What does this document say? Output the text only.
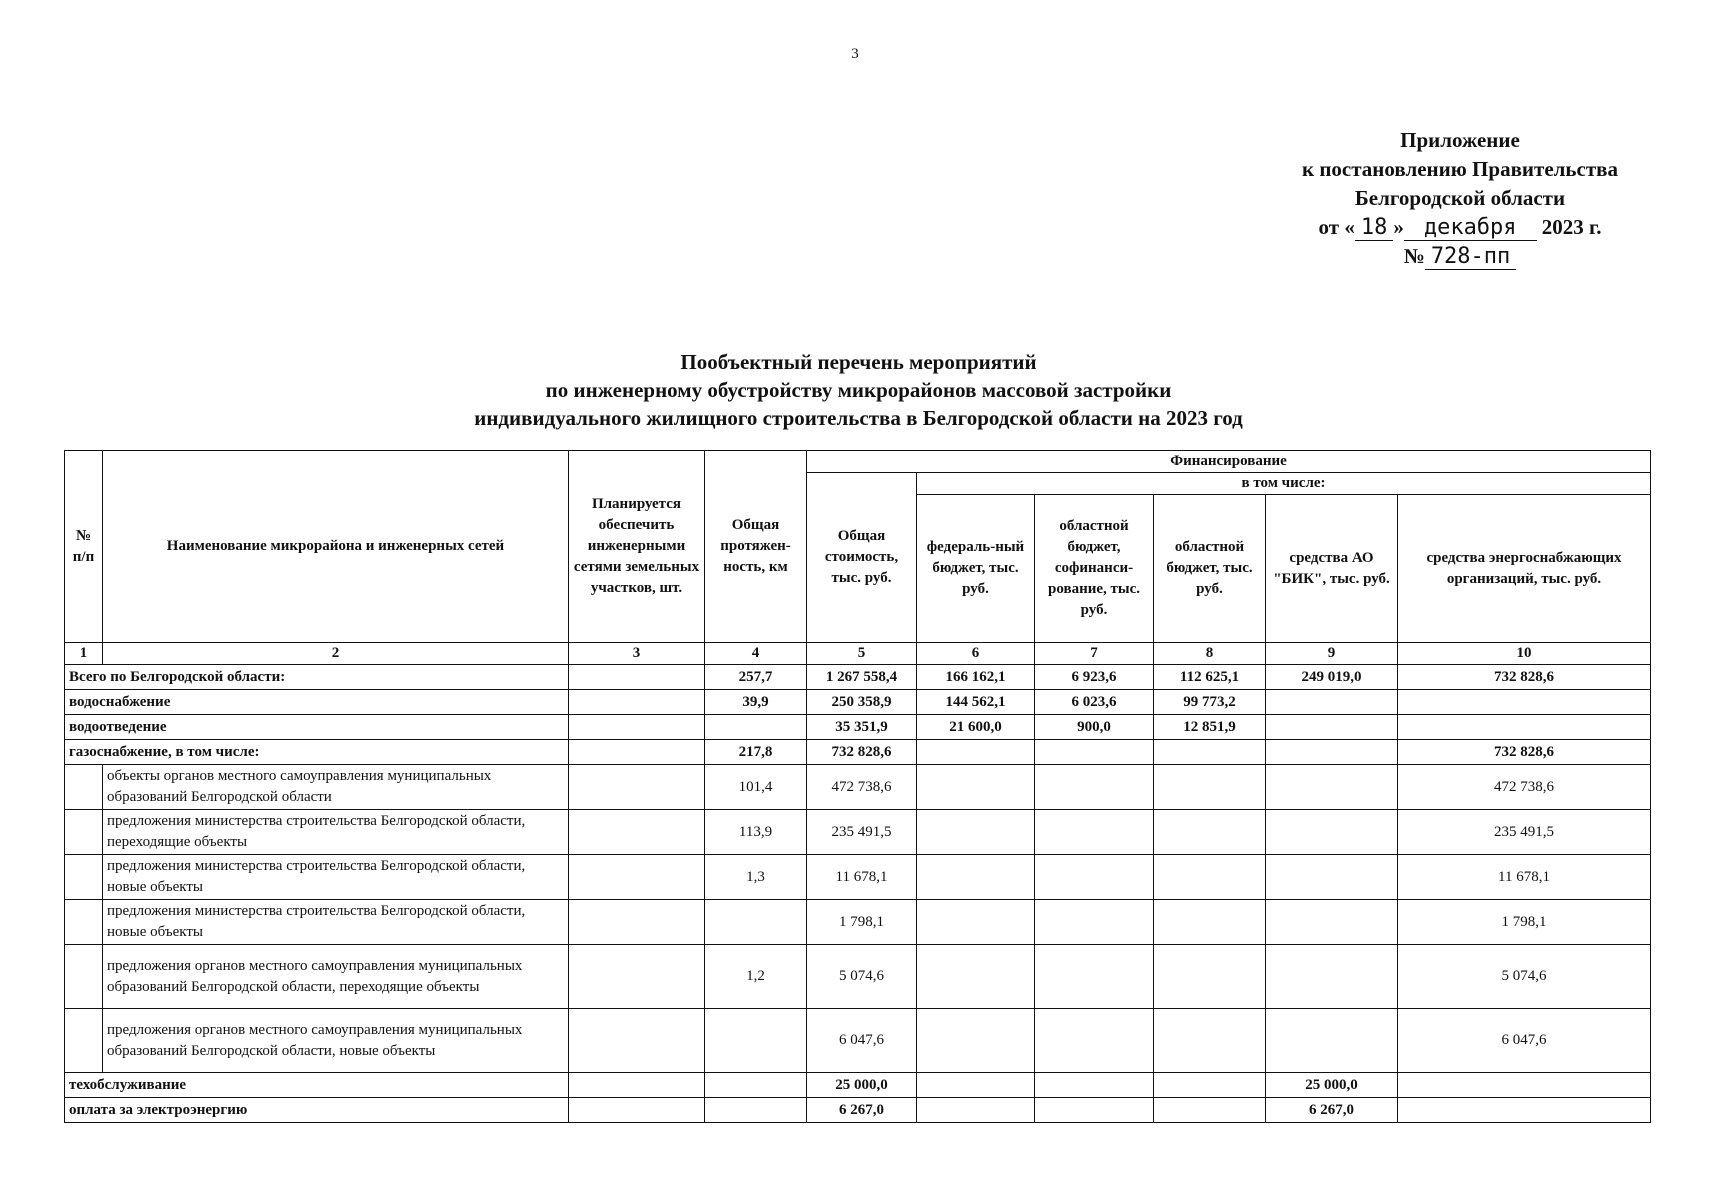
3
Приложение
к постановлению Правительства
Белгородской области
от « 18 » декабря 2023 г.
№ 728-пп
Пообъектный перечень мероприятий
по инженерному обустройству микрорайонов массовой застройки
индивидуального жилищного строительства в Белгородской области на 2023 год
№ п/п	Наименование микрорайона и инженерных сетей	Планируется обеспечить инженерными сетями земельных участков, шт.	Общая протяжен-ность, км	Финансирование					
				Общая стоимость, тыс. руб.	в том числе:				
					федераль-ный бюджет, тыс. руб.	областной бюджет, софинанси-рование, тыс. руб.	областной бюджет, тыс. руб.	средства АО "БИК", тыс. руб.	средства энергоснабжающих организаций, тыс. руб.
1	2	3	4	5	6	7	8	9	10
Всего по Белгородской области:			257,7	1 267 558,4	166 162,1	6 923,6	112 625,1	249 019,0	732 828,6
водоснабжение			39,9	250 358,9	144 562,1	6 023,6	99 773,2		
водоотведение				35 351,9	21 600,0	900,0	12 851,9		
газоснабжение, в том числе:			217,8	732 828,6					732 828,6
	объекты органов местного самоуправления муниципальных образований Белгородской области		101,4	472 738,6					472 738,6
	предложения министерства строительства Белгородской области, переходящие объекты		113,9	235 491,5					235 491,5
	предложения министерства строительства Белгородской области, новые объекты		1,3	11 678,1					11 678,1
	предложения министерства строительства Белгородской области, новые объекты			1 798,1					1 798,1
	предложения органов местного самоуправления муниципальных образований Белгородской области, переходящие объекты		1,2	5 074,6					5 074,6
	предложения органов местного самоуправления муниципальных образований Белгородской области, новые объекты			6 047,6					6 047,6
техобслуживание				25 000,0				25 000,0	
оплата за электроэнергию				6 267,0				6 267,0	
